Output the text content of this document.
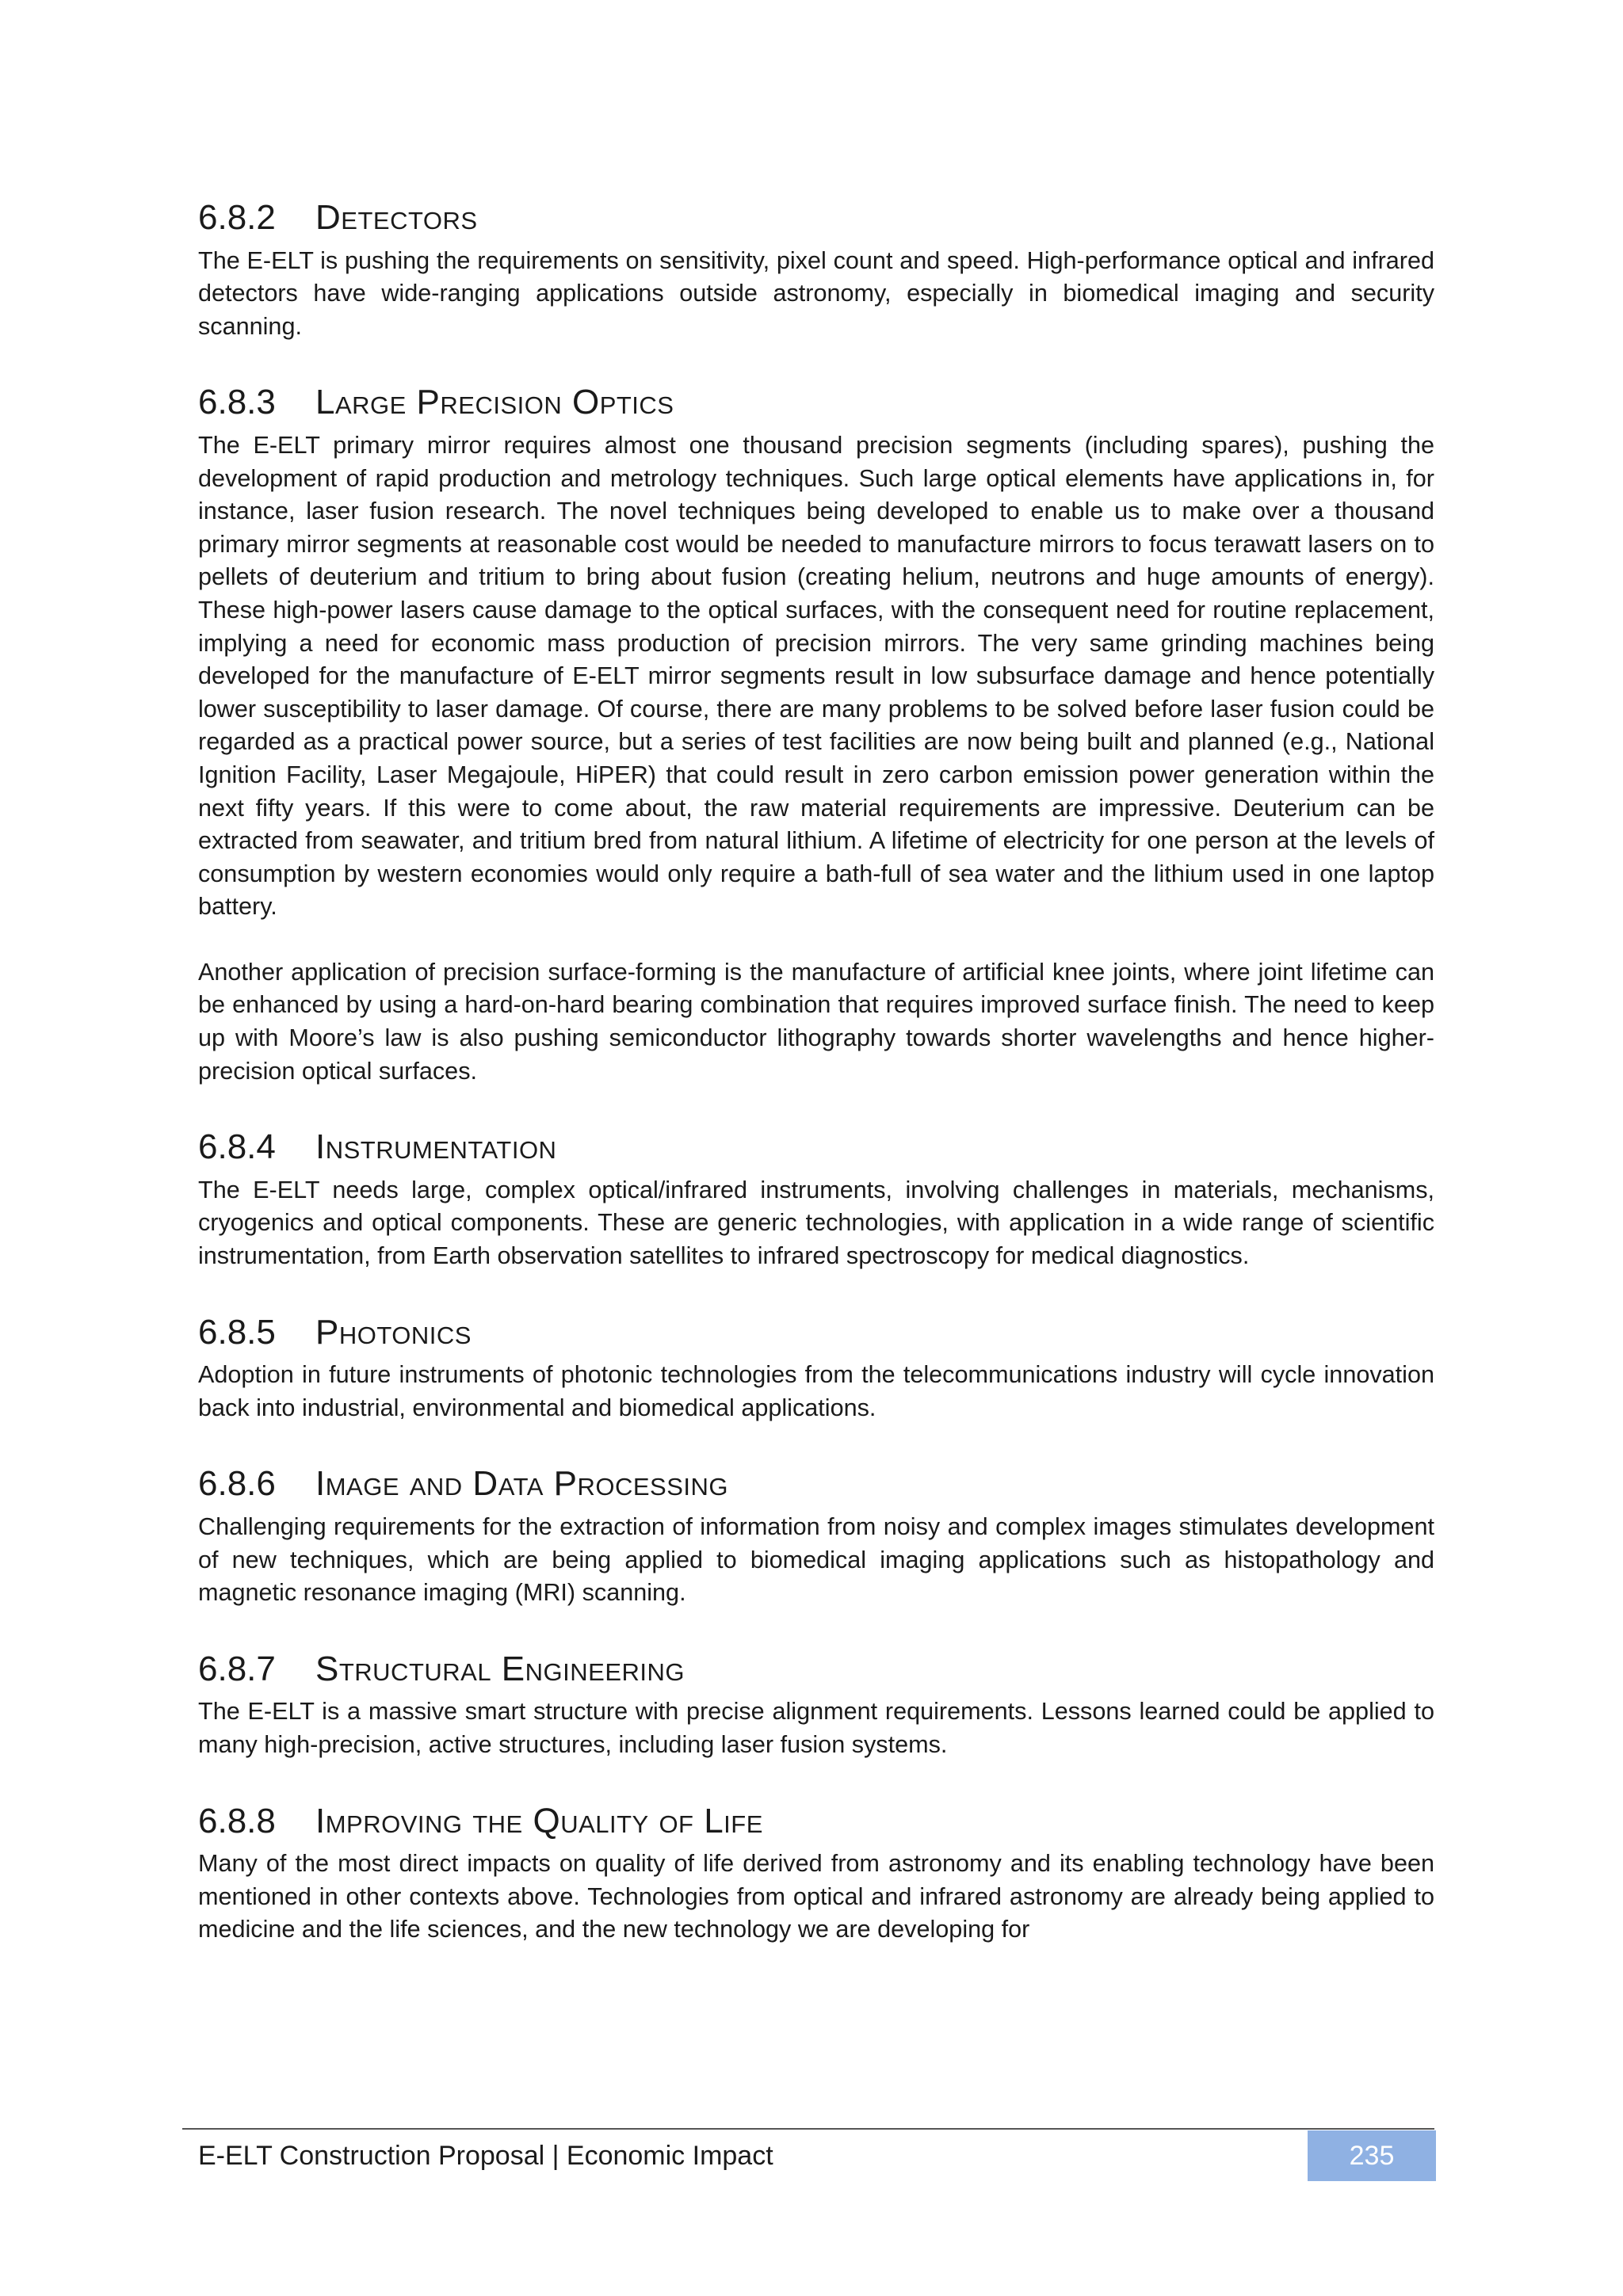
6.8.2 Detectors

The E-ELT is pushing the requirements on sensitivity, pixel count and speed. High-performance optical and infrared detectors have wide-ranging applications outside astronomy, especially in biomedical imaging and security scanning.

6.8.3 Large Precision Optics

The E-ELT primary mirror requires almost one thousand precision segments (including spares), pushing the development of rapid production and metrology techniques. Such large optical elements have applications in, for instance, laser fusion research. The novel techniques being developed to enable us to make over a thousand primary mirror segments at reasonable cost would be needed to manufacture mirrors to focus terawatt lasers on to pellets of deuterium and tritium to bring about fusion (creating helium, neutrons and huge amounts of energy). These high-power lasers cause damage to the optical surfaces, with the consequent need for routine replacement, implying a need for economic mass production of precision mirrors. The very same grinding machines being developed for the manufacture of E-ELT mirror segments result in low subsurface damage and hence potentially lower susceptibility to laser damage. Of course, there are many problems to be solved before laser fusion could be regarded as a practical power source, but a series of test facilities are now being built and planned (e.g., National Ignition Facility, Laser Megajoule, HiPER) that could result in zero carbon emission power generation within the next fifty years. If this were to come about, the raw material requirements are impressive. Deuterium can be extracted from seawater, and tritium bred from natural lithium. A lifetime of electricity for one person at the levels of consumption by western economies would only require a bath-full of sea water and the lithium used in one laptop battery.

Another application of precision surface-forming is the manufacture of artificial knee joints, where joint lifetime can be enhanced by using a hard-on-hard bearing combination that requires improved surface finish. The need to keep up with Moore’s law is also pushing semiconductor lithography towards shorter wavelengths and hence higher-precision optical surfaces.

6.8.4 Instrumentation

The E-ELT needs large, complex optical/infrared instruments, involving challenges in materials, mechanisms, cryogenics and optical components. These are generic technologies, with application in a wide range of scientific instrumentation, from Earth observation satellites to infrared spectroscopy for medical diagnostics.

6.8.5 Photonics

Adoption in future instruments of photonic technologies from the telecommunications industry will cycle innovation back into industrial, environmental and biomedical applications.

6.8.6 Image and Data Processing

Challenging requirements for the extraction of information from noisy and complex images stimulates development of new techniques, which are being applied to biomedical imaging applications such as histopathology and magnetic resonance imaging (MRI) scanning.

6.8.7 Structural Engineering

The E-ELT is a massive smart structure with precise alignment requirements. Lessons learned could be applied to many high-precision, active structures, including laser fusion systems.

6.8.8 Improving the Quality of Life

Many of the most direct impacts on quality of life derived from astronomy and its enabling technology have been mentioned in other contexts above. Technologies from optical and infrared astronomy are already being applied to medicine and the life sciences, and the new technology we are developing for

E-ELT Construction Proposal | Economic Impact	235
